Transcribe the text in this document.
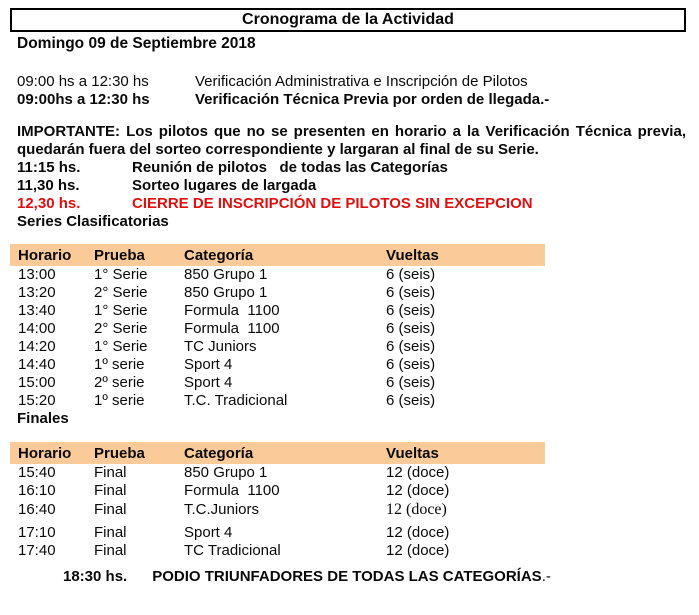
Cronograma de la Actividad
Domingo 09 de Septiembre 2018
09:00 hs a 12:30 hs	Verificación Administrativa e Inscripción de Pilotos
09:00hs a 12:30 hs	Verificación Técnica Previa por orden de llegada.-
IMPORTANTE: Los pilotos que no se presenten en horario a la Verificación Técnica previa, quedarán fuera del sorteo correspondiente y largaran al final de su Serie.
11:15 hs.	Reunión de pilotos   de todas las Categorías
11,30 hs.	Sorteo lugares de largada
12,30 hs.	CIERRE DE INSCRIPCIÓN DE PILOTOS SIN EXCEPCION
Series Clasificatorias
Horario	Prueba	Categoría	Vueltas
13:00	1° Serie	850 Grupo 1	6 (seis)
13:20	2° Serie	850 Grupo 1	6 (seis)
13:40	1° Serie	Formula  1100	6 (seis)
14:00	2° Serie	Formula  1100	6 (seis)
14:20	1° Serie	TC Juniors	6 (seis)
14:40	1º serie	Sport 4	6 (seis)
15:00	2º serie	Sport 4	6 (seis)
15:20	1º serie	T.C. Tradicional	6 (seis)
Finales
Horario	Prueba	Categoría	Vueltas
15:40	Final	850 Grupo 1	12 (doce)
16:10	Final	Formula  1100	12 (doce)
16:40	Final	T.C.Juniors	12 (doce)
17:10	Final	Sport 4	12 (doce)
17:40	Final	TC Tradicional	12 (doce)
18:30 hs. PODIO TRIUNFADORES DE TODAS LAS CATEGORÍAS.-
